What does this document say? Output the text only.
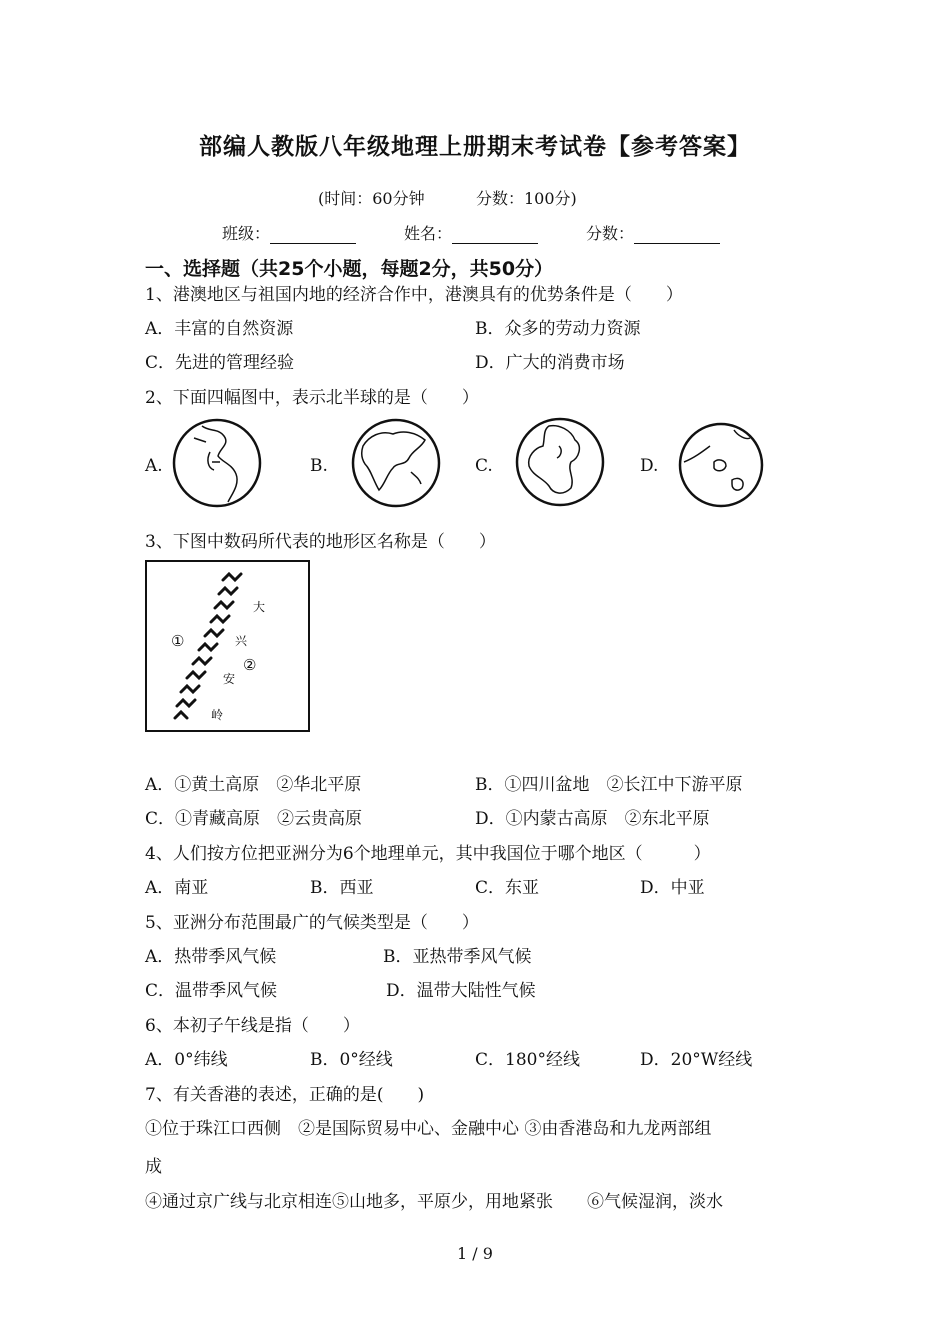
部编人教版八年级地理上册期末考试卷【参考答案】
(时间：60分钟	分数：100分)
班级：	姓名：	分数：
一、选择题（共25个小题，每题2分，共50分）
1、港澳地区与祖国内地的经济合作中，港澳具有的优势条件是（　　）
A．丰富的自然资源	B．众多的劳动力资源
C．先进的管理经验	D．广大的消费市场
2、下面四幅图中，表示北半球的是（　　）
A.	B.	C.	D.
3、下图中数码所代表的地形区名称是（　　）
①
②
大
兴
安
岭
A．①黄土高原　②华北平原	B．①四川盆地　②长江中下游平原
C．①青藏高原　②云贵高原	D．①内蒙古高原　②东北平原
4、人们按方位把亚洲分为6个地理单元，其中我国位于哪个地区（　　　）
A．南亚	B．西亚	C．东亚	D．中亚
5、亚洲分布范围最广的气候类型是（　　）
A．热带季风气候	B．亚热带季风气候
C．温带季风气候	D．温带大陆性气候
6、本初子午线是指（　　）
A．0°纬线	B．0°经线	C．180°经线	D．20°W经线
7、有关香港的表述，正确的是(　　)
①位于珠江口西侧　②是国际贸易中心、金融中心 ③由香港岛和九龙两部组
成
④通过京广线与北京相连⑤山地多，平原少，用地紧张　　⑥气候湿润，淡水
1 / 9
